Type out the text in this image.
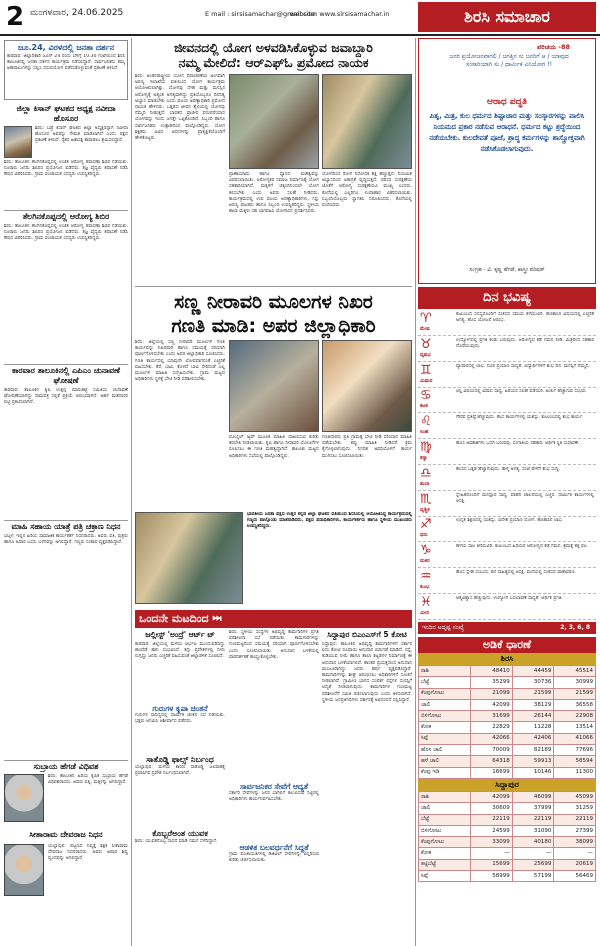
2 ಮಂಗಳವಾರ, 24.06.2025	E mail : sirsisamachar@gmail.com
website: www.sirsisamachar.in	ಶಿರಸಿ ಸಮಾಚಾರ
ಜೂ.24, ವಿರಳದಲ್ಲಿ ಜನತಾ ದರ್ಶನ
ಕಾರವಾರ: ಜಿಲ್ಲಾಧಿಕಾರಿ ಜೂನ್ 24 ರಂದು ಬೆಳಿಗ್ಗೆ 10.30 ಗಂಟೆಯಿಂದ ಶಿರಸಿ ತಾಲೂಕಿನಲ್ಲಿ ಜನತಾ ದರ್ಶನ ಕಾರ್ಯಕ್ರಮ ನಡೆಸಲಿದ್ದಾರೆ. ಸಾರ್ವಜನಿಕರು ತಮ್ಮ ಅಹವಾಲುಗಳನ್ನು ಸಲ್ಲಿಸಿ ಸದುಪಯೋಗ ಪಡೆದುಕೊಳ್ಳುವಂತೆ ಪ್ರಕಟಣೆ ತಿಳಿಸಿದೆ.
ಜಿಲ್ಲಾ ಕಿಸಾನ್ ಘಟಕದ ಅಧ್ಯಕ್ಷ ನವೀದಾ ಹೊಸೂರ
ಶಿರಸಿ: ಬಡ್ರೆ ಕಿಸಾನ್ ಘಟಕದ ಜಿಲ್ಲಾ ಅಧ್ಯಕ್ಷರನ್ನಾಗಿ ನವೀದಾ ಹೊಸೂರ ಅವರನ್ನು ನೇಮಕ ಮಾಡಲಾಗಿದೆ ಎಂದು ಪಕ್ಷದ ಪ್ರಕಟಣೆ ತಿಳಿಸಿದೆ. ರೈತರ ಹಿತಾಸಕ್ತಿ ಕಾಪಾಡಲು ಶ್ರಮಿಸಲಿದ್ದಾರೆ.
ಶಿರಸಿ: ತಾಲೂಕಿನ ತೆಲಗಿನಕೊಪ್ಪದಲ್ಲಿ ಉಚಿತ ಆರೋಗ್ಯ ತಪಾಸಣಾ ಶಿಬಿರ ನಡೆಯಿತು. ನೂರಾರು ಜನರು ಶಿಬಿರದ ಪ್ರಯೋಜನ ಪಡೆದರು. ತಜ್ಞ ವೈದ್ಯರು ತಪಾಸಣೆ ನಡೆಸಿ ಔಷಧ ವಿತರಿಸಿದರು. ಗ್ರಾಮ ಪಂಚಾಯತ ಸದಸ್ಯರು ಉಪಸ್ಥಿತರಿದ್ದರು.
ತೆಲಗಿನಕೊಪ್ಪದಲ್ಲಿ ಆರೋಗ್ಯ ಶಿಬಿರ
ಶಿರಸಿ: ತಾಲೂಕಿನ ತೆಲಗಿನಕೊಪ್ಪದಲ್ಲಿ ಉಚಿತ ಆರೋಗ್ಯ ತಪಾಸಣಾ ಶಿಬಿರ ನಡೆಯಿತು. ನೂರಾರು ಜನರು ಶಿಬಿರದ ಪ್ರಯೋಜನ ಪಡೆದರು. ತಜ್ಞ ವೈದ್ಯರು ತಪಾಸಣೆ ನಡೆಸಿ ಔಷಧ ವಿತರಿಸಿದರು. ಗ್ರಾಮ ಪಂಚಾಯತ ಸದಸ್ಯರು ಉಪಸ್ಥಿತರಿದ್ದರು.
ಕಾರವಾರ ತಾಲೂಕಿನಲ್ಲಿ ಎಪಿಎಂ ಚುನಾವಣೆ ಘೋಷಣೆ
ಕಾರವಾರ: ತಾಲೂಕಿನ ಕೃಷಿ ಉತ್ಪನ್ನ ಮಾರುಕಟ್ಟೆ ಸಮಿತಿಯ ಚುನಾವಣೆ ಘೋಷಣೆಯಾಗಿದ್ದು ನಾಮಪತ್ರ ಸಲ್ಲಿಕೆ ಪ್ರಕ್ರಿಯೆ ಆರಂಭವಾಗಿದೆ. ಅರ್ಹ ಮತದಾರರ ಪಟ್ಟಿ ಪ್ರಕಟಿಸಲಾಗಿದೆ.
ಮಾಹಿ ಸಹಾಯ ಯಾತ್ರೆ ಪತ್ರಿ ಚಕ್ರಾಣ ನಿಧನ
ಭಟ್ಕಳ: ಇಲ್ಲಿನ ಹಿರಿಯ ಸಾಮಾಜಿಕ ಕಾರ್ಯಕರ್ತೆ ನಿಧನರಾದರು. ಅವರು ಪತಿ, ಪುತ್ರರು ಹಾಗೂ ಅಪಾರ ಬಂಧು ಬಳಗವನ್ನು ಅಗಲಿದ್ದಾರೆ. ಗಣ್ಯರು ಸಂತಾಪ ವ್ಯಕ್ತಪಡಿಸಿದ್ದಾರೆ.
ಸುಬ್ರಾಯ ಹೆಗಡೆ ವಿಧಿವಶ
ಶಿರಸಿ: ತಾಲೂಕಿನ ಹಿರಿಯ ಕೃಷಿಕ ಸುಬ್ರಾಯ ಹೆಗಡೆ ವಿಧಿವಶರಾದರು. ಅವರು ಪತ್ನಿ, ಮಕ್ಕಳನ್ನು ಅಗಲಿದ್ದಾರೆ.
ಸೀತಾರಾಮ ದೇವರಾಜ ನಿಧನ
ಯಲ್ಲಾಪುರ: ಪಟ್ಟಣದ ನಿವೃತ್ತ ಶಿಕ್ಷಕ ಸೀತಾರಾಮ ದೇವರಾಜ ನಿಧನರಾದರು. ಅವರು ಅಪಾರ ಶಿಷ್ಯ ವೃಂದವನ್ನು ಅಗಲಿದ್ದಾರೆ.
ಜೀವನದಲ್ಲಿ ಯೋಗ ಅಳವಡಿಸಿಕೊಳ್ಳುವ ಜವಾಬ್ದಾರಿ
ನಮ್ಮ ಮೇಲಿದೆ: ಆರ್‌ಎಫ್‌ಓ ಪ್ರಮೋದ ನಾಯಕ
ಶಿರಸಿ: ಅಂತರರಾಷ್ಟ್ರೀಯ ಯೋಗ ದಿನಾಚರಣೆಯ ಅಂಗವಾಗಿ ಅರಣ್ಯ ಇಲಾಖೆಯ ವತಿಯಿಂದ ಯೋಗ ಕಾರ್ಯಕ್ರಮ ಆಯೋಜಿಸಲಾಗಿತ್ತು. ಯೋಗವು ದೇಹ ಮತ್ತು ಮನಸ್ಸಿನ ಆರೋಗ್ಯಕ್ಕೆ ಅತ್ಯಂತ ಅಗತ್ಯವಾಗಿದ್ದು ಪ್ರತಿಯೊಬ್ಬರೂ ದಿನನಿತ್ಯ ಅಭ್ಯಾಸ ಮಾಡಬೇಕು ಎಂದು ವಲಯ ಅರಣ್ಯಾಧಿಕಾರಿ ಪ್ರಮೋದ ನಾಯಕ ಹೇಳಿದರು. ಒತ್ತಡದ ಜೀವನ ಶೈಲಿಯಲ್ಲಿ ಯೋಗವು ನೆಮ್ಮದಿ ನೀಡುತ್ತದೆ. ಭಾರತದ ಪ್ರಾಚೀನ ಪರಂಪರೆಯಾದ ಯೋಗವನ್ನು ಇಂದು ಜಗತ್ತೇ ಒಪ್ಪಿಕೊಂಡಿದೆ. ಸಿಬ್ಬಂದಿ ಹಾಗೂ ಸಾರ್ವಜನಿಕರು ಉತ್ಸಾಹದಿಂದ ಪಾಲ್ಗೊಂಡಿದ್ದರು. ಯೋಗ ಶಿಕ್ಷಕರು ವಿವಿಧ ಆಸನಗಳನ್ನು ಪ್ರಾತ್ಯಕ್ಷಿಕೆಯೊಂದಿಗೆ ಹೇಳಿಕೊಟ್ಟರು.
ಪ್ರಾಣಾಯಾಮ ಹಾಗೂ ಧ್ಯಾನದ ಮಹತ್ವವನ್ನು ವಿವರಿಸಲಾಯಿತು. ಆರೋಗ್ಯಕರ ಸಮಾಜ ನಿರ್ಮಾಣಕ್ಕೆ ಯೋಗ ಸಹಕಾರಿಯಾಗಿದೆ. ಮಕ್ಕಳಿಗೆ ಚಿಕ್ಕಂದಿನಿಂದಲೇ ಯೋಗ ಕಲಿಸಬೇಕು ಎಂದು ಅವರು ಸಲಹೆ ನೀಡಿದರು. ಕಾರ್ಯಕ್ರಮದಲ್ಲಿ ಉಪ ವಲಯ ಅರಣ್ಯಾಧಿಕಾರಿಗಳು, ಗಸ್ತು ಅರಣ್ಯ ಪಾಲಕರು ಹಾಗೂ ಸಿಬ್ಬಂದಿ ಉಪಸ್ಥಿತರಿದ್ದರು. ಸ್ಥಳೀಯ ಶಾಲಾ ಮಕ್ಕಳು ಸಹ ಭಾಗವಹಿಸಿ ಯೋಗಾಸನ ಪ್ರದರ್ಶಿಸಿದರು.
ಯೋಗದಿಂದ ರೋಗ ನಿರೋಧಕ ಶಕ್ತಿ ಹೆಚ್ಚುತ್ತದೆ. ನಿಯಮಿತ ಅಭ್ಯಾಸದಿಂದ ಏಕಾಗ್ರತೆ ವೃದ್ಧಿಸುತ್ತದೆ. ಪರಿಸರ ಸಂರಕ್ಷಣೆಯ ಜೊತೆಗೆ ಆರೋಗ್ಯ ಸಂರಕ್ಷಣೆಯೂ ಮುಖ್ಯ ಎಂದರು. ಕೊನೆಯಲ್ಲಿ ಎಲ್ಲರಿಗೂ ಉಪಾಹಾರ ವಿತರಿಸಲಾಯಿತು. ಸಿಬ್ಬಂದಿಯೊಬ್ಬರು ಸ್ವಾಗತಿಸಿ ನಿರೂಪಿಸಿದರು, ಕೊನೆಯಲ್ಲಿ ವಂದಿಸಿದರು.
ಸಣ್ಣ ನೀರಾವರಿ ಮೂಲಗಳ ನಿಖರ
ಗಣತಿ ಮಾಡಿ: ಅಪರ ಜಿಲ್ಲಾಧಿಕಾರಿ
ಶಿರಸಿ: ಜಿಲ್ಲೆಯಲ್ಲಿ ಸಣ್ಣ ನೀರಾವರಿ ಮೂಲಗಳ ಗಣತಿ ಕಾರ್ಯವನ್ನು ನಿಖರವಾಗಿ ಹಾಗೂ ಸಮಯಕ್ಕೆ ಸರಿಯಾಗಿ ಪೂರ್ಣಗೊಳಿಸಬೇಕು ಎಂದು ಅಪರ ಜಿಲ್ಲಾಧಿಕಾರಿ ಸೂಚಿಸಿದರು. ಗಣತಿ ಕಾರ್ಯದಲ್ಲಿ ಯಾವುದೇ ಲೋಪವಾಗದಂತೆ ಎಚ್ಚರಿಕೆ ವಹಿಸಬೇಕು. ಕೆರೆ, ಬಾವಿ, ಕೊಳವೆ ಬಾವಿ ಸೇರಿದಂತೆ ಎಲ್ಲ ಮೂಲಗಳ ಮಾಹಿತಿ ಸಂಗ್ರಹಿಸಬೇಕು. ಗ್ರಾಮ ಮಟ್ಟದ ಅಧಿಕಾರಿಗಳು ಸ್ಥಳಕ್ಕೆ ಭೇಟಿ ನೀಡಿ ಪರಿಶೀಲಿಸಬೇಕು.
ಮೊಬೈಲ್ ಆ್ಯಪ್ ಮೂಲಕ ಮಾಹಿತಿ ದಾಖಲಿಸುವ ಕುರಿತು ತರಬೇತಿ ನೀಡಲಾಯಿತು. ಕೃಷಿ ಹಾಗೂ ನೀರಾವರಿ ಯೋಜನೆಗಳ ರೂಪಿಸಲು ಈ ಗಣತಿ ಮಹತ್ವದ್ದಾಗಿದೆ. ತಾಲೂಕು ಮಟ್ಟದ ಅಧಿಕಾರಿಗಳು ಸಭೆಯಲ್ಲಿ ಪಾಲ್ಗೊಂಡಿದ್ದರು.
ಗಣತಿದಾರರು ಪ್ರತಿ ಗ್ರಾಮಕ್ಕೆ ಭೇಟಿ ನೀಡಿ ಸರಿಯಾದ ಮಾಹಿತಿ ಪಡೆಯಬೇಕು. ತಪ್ಪು ಮಾಹಿತಿ ನೀಡಿದರೆ ಕ್ರಮ ಕೈಗೊಳ್ಳಲಾಗುವುದು. ನಿಗದಿತ ಅವಧಿಯೊಳಗೆ ಕಾರ್ಯ ಮುಗಿಸಲು ಸೂಚಿಸಲಾಯಿತು.
ಭಾರತೀಯ ಜನತಾ ಪಕ್ಷದ ಉತ್ತರ ಕನ್ನಡ ಜಿಲ್ಲಾ ಘಟಕದ ವತಿಯಿಂದ ಶಿರಸಿಯಲ್ಲಿ ಆಯೋಜಿಸಿದ್ದ ಕಾರ್ಯಕ್ರಮದಲ್ಲಿ ಗಣ್ಯರು ಪಾಲ್ಗೊಂಡು ಮಾತನಾಡಿದರು. ಪಕ್ಷದ ಪದಾಧಿಕಾರಿಗಳು, ಕಾರ್ಯಕರ್ತರು ಹಾಗೂ ಸ್ಥಳೀಯ ಮುಖಂಡರು ಉಪಸ್ಥಿತರಿದ್ದರು.
ಒಂದನೇ ಮಟದಿಂದ ⏭
ಜಲ್ಲೀಸ್ಟ್‌ 'ಅಂದ್ರೆ' ಆರ್ಟ್ ಟ್
ಕಾರವಾರ: ಜಿಲ್ಲೆಯಲ್ಲಿ ಮಳೆಯ ಆರ್ಭಟ ಮುಂದುವರಿದಿದ್ದು ಹಲವೆಡೆ ಹಾನಿ ಸಂಭವಿಸಿದೆ. ತಗ್ಗು ಪ್ರದೇಶಗಳಲ್ಲಿ ನೀರು ನುಗ್ಗಿದ್ದು ಜನರು ಎಚ್ಚರಿಕೆ ವಹಿಸುವಂತೆ ಜಿಲ್ಲಾಡಳಿತ ಸೂಚಿಸಿದೆ.
ಗುರುಗಳ ಕೃಪಾ ಚಿಂತನೆ
ಗುರುಗಳ ಸಾನಿಧ್ಯದಲ್ಲಿ ಧಾರ್ಮಿಕ ಚಿಂತನ ಸಭೆ ನಡೆಯಿತು. ಭಕ್ತರು ಆಗಮಿಸಿ ಆಶೀರ್ವಾದ ಪಡೆದರು.
ಸಾತೊಡ್ಡಿ ಫಾಲ್ಸ್ ನಿರ್ಬಂಧ
ಯಲ್ಲಾಪುರ: ಮಳೆಯ ಕಾರಣ ಸಾತೊಡ್ಡಿ ಜಲಪಾತಕ್ಕೆ ಪ್ರವಾಸಿಗರ ಪ್ರವೇಶ ನಿರ್ಬಂಧಿಸಲಾಗಿದೆ.
ಕೊಬ್ಬರೆಅಂತ ಯುವಕ
ಶಿರಸಿ: ಯುವಕನೊಬ್ಬ ಸಾಧನೆ ಮಾಡಿ ಗಮನ ಸೆಳೆದಿದ್ದಾನೆ.
ಶಿರಸಿ: ಸ್ಥಳೀಯ ಸಂಸ್ಥೆಗಳ ಅಭಿವೃದ್ಧಿ ಕಾಮಗಾರಿಗಳ ಪ್ರಗತಿ ಪರಿಶೀಲನಾ ಸಭೆ ನಡೆಯಿತು. ಕಾಮಗಾರಿಗಳನ್ನು ಗುಣಮಟ್ಟದಿಂದ ಸಮಯಕ್ಕೆ ಸರಿಯಾಗಿ ಪೂರ್ಣಗೊಳಿಸಬೇಕು ಎಂದು ಸೂಚಿಸಲಾಯಿತು. ಅನುದಾನ ಬಳಕೆಯಲ್ಲಿ ಪಾರದರ್ಶಕತೆ ಕಾಯ್ದುಕೊಳ್ಳಬೇಕು.
ಸಾರ್ವಜನಿಕರ ಸೇವೆಗೆ ಆದ್ಯತೆ
ಸರ್ಕಾರಿ ಸೇವೆಗಳನ್ನು ಜನರ ಬಾಗಿಲಿಗೆ ತಲುಪಿಸುವ ನಿಟ್ಟಿನಲ್ಲಿ ಅಧಿಕಾರಿಗಳು ಕಾರ್ಯನಿರ್ವಹಿಸಬೇಕು.
ಆಡಳಿತ ಬಲವರ್ಧನೆಗೆ ಸಿದ್ದತೆ
ಗ್ರಾಮ ಪಂಚಾಯತಿಗಳಲ್ಲಿ ಡಿಜಿಟಲ್ ಸೇವೆಗಳನ್ನು ವಿಸ್ತರಿಸುವ ಕುರಿತು ಚರ್ಚಿಸಲಾಯಿತು.
ಸಿದ್ದಾಪುರ ಬಿಎಂಎಸ್‌ಗೆ 5 ಕೋಟಿ
ಸಿದ್ದಾಪುರ: ತಾಲೂಕಿನ ಅಭಿವೃದ್ಧಿ ಕಾಮಗಾರಿಗಳಿಗೆ ಸರ್ಕಾರ ಐದು ಕೋಟಿ ರೂಪಾಯಿ ಅನುದಾನ ಬಿಡುಗಡೆ ಮಾಡಿದೆ. ರಸ್ತೆ, ಕುಡಿಯುವ ನೀರು ಹಾಗೂ ಶಾಲಾ ಕಟ್ಟಡಗಳ ನಿರ್ಮಾಣಕ್ಕೆ ಈ ಅನುದಾನ ಬಳಕೆಯಾಗಲಿದೆ. ಶಾಸಕರ ಪ್ರಯತ್ನದಿಂದ ಅನುದಾನ ಮಂಜೂರಾಗಿದ್ದು ಜನರು ಹರ್ಷ ವ್ಯಕ್ತಪಡಿಸಿದ್ದಾರೆ. ಕಾಮಗಾರಿಗಳನ್ನು ಶೀಘ್ರ ಆರಂಭಿಸಲು ಅಧಿಕಾರಿಗಳಿಗೆ ಸೂಚನೆ ನೀಡಲಾಗಿದೆ. ಗ್ರಾಮೀಣ ಭಾಗದ ಸಂಪರ್ಕ ರಸ್ತೆಗಳ ದುರಸ್ತಿಗೆ ಆದ್ಯತೆ ನೀಡಲಾಗುವುದು. ಕಾಮಗಾರಿಗಳ ಗುಣಮಟ್ಟ ಪರಿಶೀಲನೆಗೆ ಸಮಿತಿ ರಚಿಸಲಾಗುವುದು ಎಂದು ತಿಳಿಸಲಾಗಿದೆ. ಸ್ಥಳೀಯ ಜನಪ್ರತಿನಿಧಿಗಳು ಸರ್ಕಾರಕ್ಕೆ ಅಭಿನಂದನೆ ಸಲ್ಲಿಸಿದ್ದಾರೆ.
ಪರಿಚಯ -88
ಜನರ ಪ್ರಯೋಜನವಾಗಲಿ / ಜಗತ್ತಿನ ಸು ಜನರಿಗೆ ಆ / ಯಾವುದ ಸಂಸಾರಿಯಾಗಿ ಸು / ಧಾರ್ಮಿಕ ವಿನಿಯೋಗ !!
ಆರಾಧ ಪದ್ಧತಿ
ಪಿತೃ, ಮಿತ್ರ, ಕುಲ ಧರ್ಮದ ಶಿಷ್ಟಾಚಾರ ಮತ್ತು ಸಂಸ್ಕಾರಗಳನ್ನು ಪಾಲಿಸಿ ನಿಯಮದ ಪ್ರಕಾರ ನಡೆಸುವ ಆರಾಧನೆ. ಧರ್ಮದ ಕಟ್ಟು ಶ್ರದ್ಧೆಯಿಂದ ನಡೆಯಬೇಕು. ಕುಲದೇವತೆ ಪೂಜೆ, ಶ್ರಾದ್ಧ ಕರ್ಮಗಳನ್ನು ಶಾಸ್ತ್ರೋಕ್ತವಾಗಿ ನಡೆಸಿಕೊಡಲಾಗುವುದು.
ಸಂಗ್ರಹ - ವಿ. ಕೃಷ್ಣ ಹೆಗಡೆ, ಶಾಸ್ತ್ರೀ ಪರಿಷತ್
ದಿನ ಭವಿಷ್ಯ
♈
ಮೇಷ
ಕುಟುಂಬದ ಸದಸ್ಯರೊಂದಿಗೆ ಸಂತಸದ ಸಮಯ ಕಳೆಯುವಿರಿ. ಹಣಕಾಸಿನ ವಿಷಯದಲ್ಲಿ ಎಚ್ಚರಿಕೆ ಅಗತ್ಯ. ಹೊಸ ಯೋಜನೆ ಆರಂಭ.
♉
ವೃಷಭ
ಉದ್ಯೋಗದಲ್ಲಿ ಪ್ರಗತಿ ಕಂಡು ಬರುವುದು. ಆರೋಗ್ಯದ ಕಡೆ ಗಮನ ನೀಡಿ. ಮಿತ್ರರಿಂದ ಸಹಕಾರ ದೊರೆಯುವುದು.
♊
ಮಿಥುನ
ವ್ಯಾಪಾರದಲ್ಲಿ ಲಾಭ. ದೂರ ಪ್ರಯಾಣ ಸಾಧ್ಯತೆ. ವಿದ್ಯಾರ್ಥಿಗಳಿಗೆ ಶುಭ ದಿನ. ಮನಸ್ಸಿಗೆ ನೆಮ್ಮದಿ.
♋
ಕಟಕ
ಆಸ್ತಿ ವಿಷಯದಲ್ಲಿ ವಿವಾದ ಸಾಧ್ಯ. ಹಿರಿಯರ ಸಲಹೆ ಪಡೆಯಿರಿ. ಖರ್ಚು ಹೆಚ್ಚಾಗುವ ಸಂಭವ.
♌
ಸಿಂಹ
ಗೌರವ ಪ್ರತಿಷ್ಠೆ ಹೆಚ್ಚುವುದು. ಕೆಲಸ ಕಾರ್ಯಗಳಲ್ಲಿ ಯಶಸ್ಸು. ಕುಟುಂಬದಲ್ಲಿ ಶುಭ ಕಾರ್ಯ.
♍
ಕನ್ಯಾ
ಹೊಸ ಅವಕಾಶಗಳು ಒದಗಿ ಬರುವವು. ಸಂಗಾತಿಯ ಸಹಕಾರ. ಆರ್ಥಿಕ ಸ್ಥಿತಿ ಸುಧಾರಣೆ.
♎
ತುಲಾ
ಕೆಲಸದ ಒತ್ತಡ ಹೆಚ್ಚಾಗುವುದು. ತಾಳ್ಮೆ ಅಗತ್ಯ. ಸಂಜೆ ವೇಳೆಗೆ ಶುಭ ಸುದ್ದಿ.
♏
ವೃಶ್ಚಿಕ
ಸ್ನೇಹಿತರೊಂದಿಗೆ ಮನಸ್ತಾಪ ಸಾಧ್ಯ. ವಾಹನ ಚಾಲನೆಯಲ್ಲಿ ಎಚ್ಚರ. ಧಾರ್ಮಿಕ ಕಾರ್ಯಗಳಲ್ಲಿ ಆಸಕ್ತಿ.
♐
ಧನು
ಉನ್ನತ ಶಿಕ್ಷಣದಲ್ಲಿ ಯಶಸ್ಸು. ವಿದೇಶ ಪ್ರಯಾಣ ಯೋಗ. ಹಣಕಾಸಿನ ಲಾಭ.
♑
ಮಕರ
ಹಳೆಯ ಸಾಲ ತೀರಿಸುವಿರಿ. ಕುಟುಂಬದ ಹಿರಿಯರ ಆರೋಗ್ಯದ ಕಡೆ ಗಮನ. ಶ್ರಮಕ್ಕೆ ತಕ್ಕ ಫಲ.
♒
ಕುಂಭ
ಹೊಸ ಸ್ನೇಹ ಸಂಬಂಧ. ಕಲೆ ಸಾಹಿತ್ಯದಲ್ಲಿ ಆಸಕ್ತಿ. ಮನೆಯಲ್ಲಿ ಸಂತಸದ ವಾತಾವರಣ.
♓
ಮೀನ
ಆತ್ಮವಿಶ್ವಾಸ ಹೆಚ್ಚುವುದು. ಉದ್ಯೋಗ ಬದಲಾವಣೆ ಸಾಧ್ಯತೆ. ಆರ್ಥಿಕ ಪ್ರಗತಿ.
ಇಂದಿನ ಅದೃಷ್ಟ ಸಂಖ್ಯೆ	2, 3, 6, 8
ಅಡಿಕೆ ಧಾರಣೆ
ಶಿರಸಿ
ರಾಶಿ	48410	44459	45514
ಬೆಟ್ಟೆ	35299	30736	30999
ಕೆಂಪುಗೋಟು	21099	21599	21599
ಚಾಲಿ	42099	38129	36558
ಬಿಳಿಗೋಟು	31699	26144	22908
ಕೋಕ	22829	11228	13514
ಸಿಪ್ಪೆ	42066	42406	41066
ಹೊಸ ಚಾಲಿ	70009	82189	77696
ಹಳೆ ಚಾಲಿ	64318	59913	58594
ಕೆಂಪು ಇಡಿ	16699	10146	11300
ಸಿದ್ದಾಪುರ
ರಾಶಿ	42099	46099	45099
ಚಾಲಿ	30609	37999	31259
ಬೆಟ್ಟೆ	22119	22119	22119
ಬಿಳಿಗೋಟು	24599	31090	27399
ಕೆಂಪುಗೋಟು	33099	40180	38099
ಕೋಕ	—	—	—
ತಟ್ಟಿಬೆಟ್ಟೆ	15699	25699	20619
ಸಿಪ್ಪೆ	58999	57199	56469
